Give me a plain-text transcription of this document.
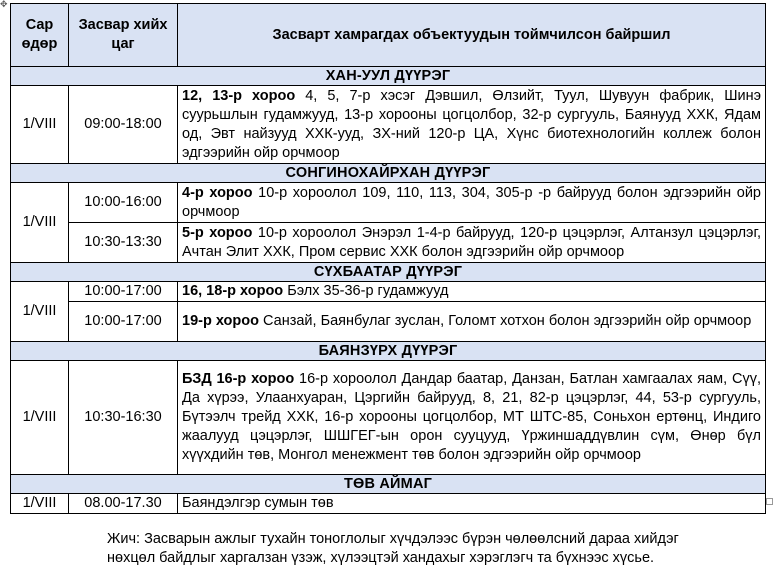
✥
Сар өдөр	Засвар хийх цаг	Засварт хамрагдах объектуудын тоймчилсон байршил
ХАН-УУЛ ДҮҮРЭГ		
1/VIII	09:00-18:00	12, 13-р хороо 4, 5, 7-р хэсэг Дэвшил, Өлзийт, Туул, Шувуун фабрик, Шинэ суурьшлын гудамжууд, 13-р хорооны цогцолбор, 32-р сургууль, Баянууд ХХК, Ядам од, Эвт найзууд ХХК-ууд, ЗХ-ний 120-р ЦА, Хүнс биотехнологийн коллеж болон эдгээрийн ойр орчмоор
СОНГИНОХАЙРХАН ДҮҮРЭГ		
1/VIII	10:00-16:00	4-р хороо 10-р хороолол 109, 110, 113, 304, 305-р -р байрууд болон эдгээрийн ойр орчмоор
	10:30-13:30	5-р хороо 10-р хороолол Энэрэл 1-4-р байрууд, 120-р цэцэрлэг, Алтанзул цэцэрлэг, Ачтан Элит ХХК, Пром сервис ХХК болон эдгээрийн ойр орчмоор
СҮХБААТАР ДҮҮРЭГ		
1/VIII	10:00-17:00	16, 18-р хороо Бэлх 35-36-р гудамжууд
	10:00-17:00	19-р хороо Санзай, Баянбулаг зуслан, Голомт хотхон болон эдгээрийн ойр орчмоор
БАЯНЗҮРХ ДҮҮРЭГ		
1/VIII	10:30-16:30	БЗД 16-р хороо 16-р хороолол Дандар баатар, Данзан, Батлан хамгаалах яам, Сүү, Да хүрээ, Улаанхуаран, Цэргийн байрууд, 8, 21, 82-р цэцэрлэг, 44, 53-р сургууль, Бүтээлч трейд ХХК, 16-р хорооны цогцолбор, МТ ШТС-85, Соньхон ертөнц, Индиго жаалууд цэцэрлэг, ШШГЕГ-ын орон сууцууд, Үржиншаддүвлин сүм, Өнөр бүл хүүхдийн төв, Монгол менежмент төв болон эдгээрийн ойр орчмоор
ТӨВ АЙМАГ		
1/VIII	08.00-17.30	Баяндэлгэр сумын төв
Жич: Засварын ажлыг тухайн тоноглолыг хүчдэлээс бүрэн чөлөөлсний дараа хийдэг нөхцөл байдлыг харгалзан үзэж, хүлээцтэй хандахыг хэрэглэгч та бүхнээс хүсье.
